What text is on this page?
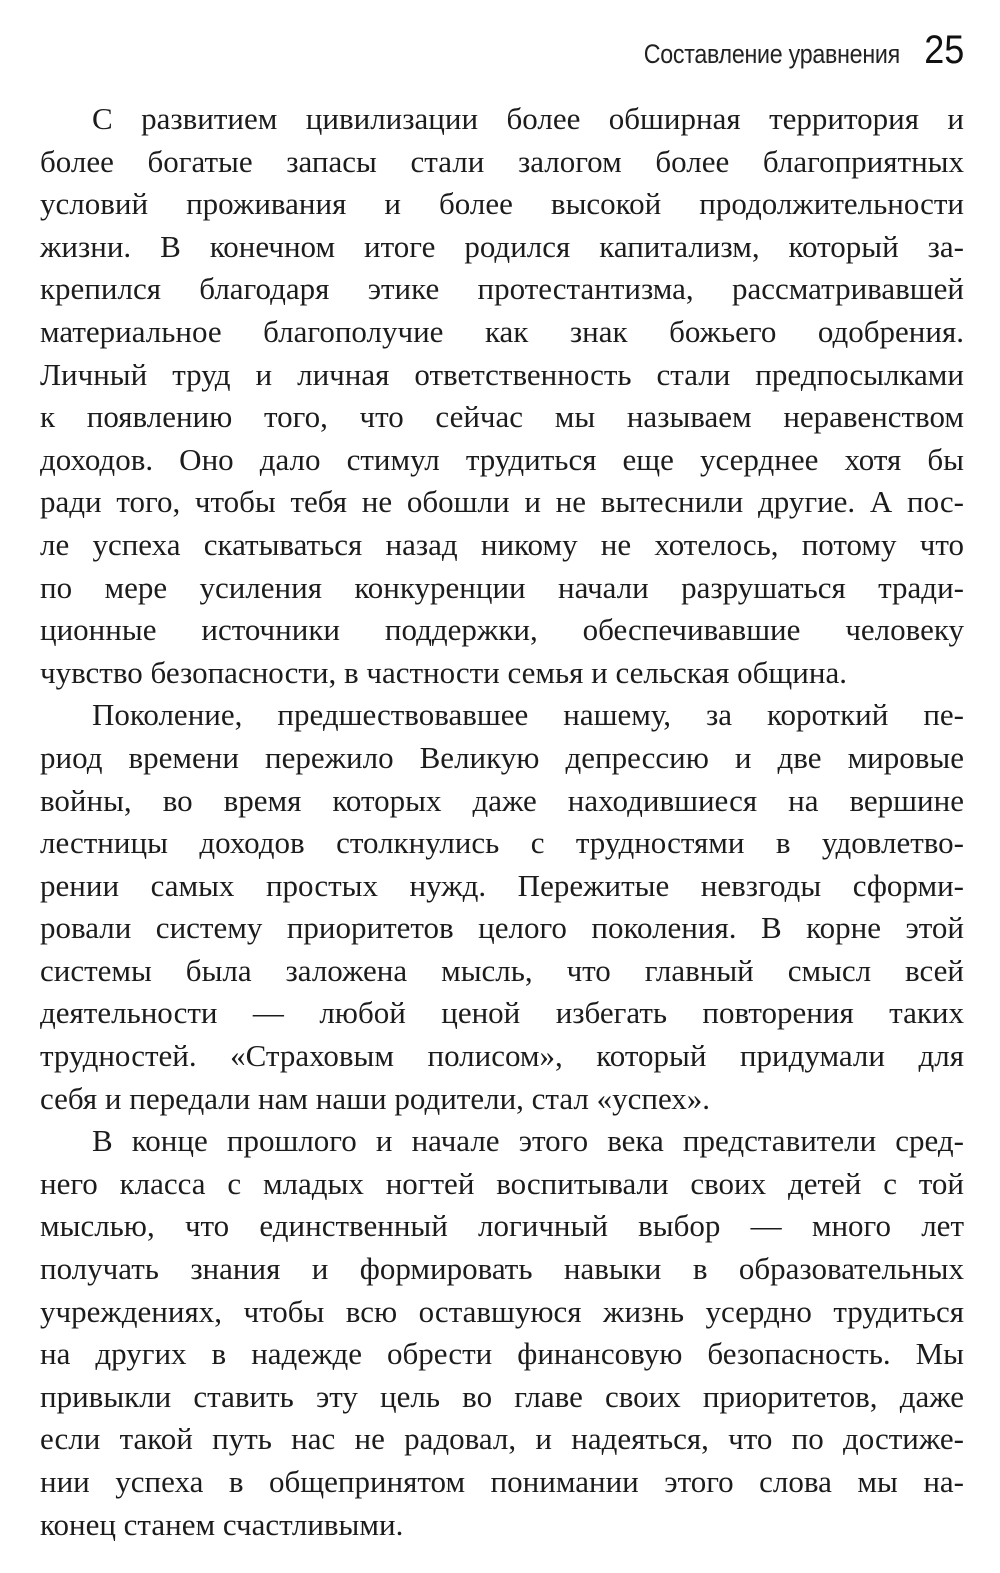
Составление уравнения 25

С развитием цивилизации более обширная территория и
более богатые запасы стали залогом более благоприятных
условий проживания и более высокой продолжительности
жизни. В конечном итоге родился капитализм, который за-
крепился благодаря этике протестантизма, рассматривавшей
материальное благополучие как знак божьего одобрения.
Личный труд и личная ответственность стали предпосылками
к появлению того, что сейчас мы называем неравенством
доходов. Оно дало стимул трудиться еще усерднее хотя бы
ради того, чтобы тебя не обошли и не вытеснили другие. А пос-
ле успеха скатываться назад никому не хотелось, потому что
по мере усиления конкуренции начали разрушаться тради-
ционные источники поддержки, обеспечивавшие человеку
чувство безопасности, в частности семья и сельская община.

Поколение, предшествовавшее нашему, за короткий пе-
риод времени пережило Великую депрессию и две мировые
войны, во время которых даже находившиеся на вершине
лестницы доходов столкнулись с трудностями в удовлетво-
рении самых простых нужд. Пережитые невзгоды сформи-
ровали систему приоритетов целого поколения. В корне этой
системы была заложена мысль, что главный смысл всей
деятельности — любой ценой избегать повторения таких
трудностей. «Страховым полисом», который придумали для
себя и передали нам наши родители, стал «успех».

В конце прошлого и начале этого века представители сред-
него класса с младых ногтей воспитывали своих детей с той
мыслью, что единственный логичный выбор — много лет
получать знания и формировать навыки в образовательных
учреждениях, чтобы всю оставшуюся жизнь усердно трудиться
на других в надежде обрести финансовую безопасность. Мы
привыкли ставить эту цель во главе своих приоритетов, даже
если такой путь нас не радовал, и надеяться, что по достиже-
нии успеха в общепринятом понимании этого слова мы на-
конец станем счастливыми.
